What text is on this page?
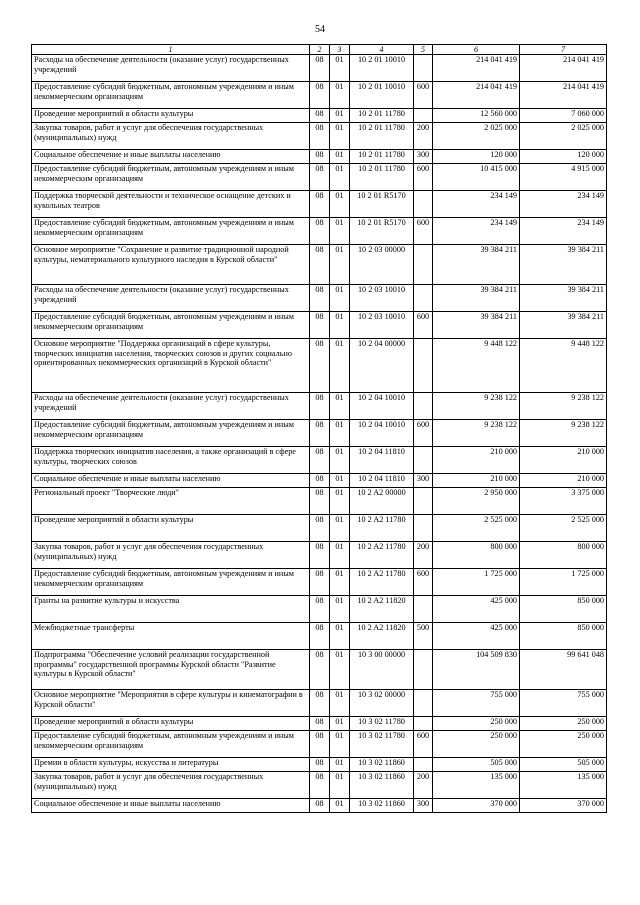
54
1	2	3	4	5	6	7
Расходы на обеспечение деятельности (оказание услуг) государственных учреждений	08	01	10 2 01 10010		214 041 419	214 041 419
Предоставление субсидий бюджетным, автономным учреждениям и иным некоммерческим организациям	08	01	10 2 01 10010	600	214 041 419	214 041 419
Проведение мероприятий в области культуры	08	01	10 2 01 11780		12 560 000	7 060 000
Закупка товаров, работ и услуг для обеспечения государственных (муниципальных) нужд	08	01	10 2 01 11780	200	2 025 000	2 025 000
Социальное обеспечение и иные выплаты населению	08	01	10 2 01 11780	300	120 000	120 000
Предоставление субсидий бюджетным, автономным учреждениям и иным некоммерческим организациям	08	01	10 2 01 11780	600	10 415 000	4 915 000
Поддержка творческой деятельности и техническое оснащение детских и кукольных театров	08	01	10 2 01 R5170		234 149	234 149
Предоставление субсидий бюджетным, автономным учреждениям и иным некоммерческим организациям	08	01	10 2 01 R5170	600	234 149	234 149
Основное мероприятие "Сохранение и развитие традиционной народной культуры, нематериального культурного наследия в Курской области"	08	01	10 2 03 00000		39 384 211	39 384 211
Расходы на обеспечение деятельности (оказание услуг) государственных учреждений	08	01	10 2 03 10010		39 384 211	39 384 211
Предоставление субсидий бюджетным, автономным учреждениям и иным некоммерческим организациям	08	01	10 2 03 10010	600	39 384 211	39 384 211
Основное мероприятие "Поддержка организаций в сфере культуры, творческих инициатив населения, творческих союзов и других социально ориентированных некоммерческих организаций в Курской области"	08	01	10 2 04 00000		9 448 122	9 448 122
Расходы на обеспечение деятельности (оказание услуг) государственных учреждений	08	01	10 2 04 10010		9 238 122	9 238 122
Предоставление субсидий бюджетным, автономным учреждениям и иным некоммерческим организациям	08	01	10 2 04 10010	600	9 238 122	9 238 122
Поддержка творческих инициатив населения, а также организаций в сфере культуры, творческих союзов	08	01	10 2 04 11810		210 000	210 000
Социальное обеспечение и иные выплаты населению	08	01	10 2 04 11810	300	210 000	210 000
Региональный проект "Творческие люди"	08	01	10 2 A2 00000		2 950 000	3 375 000
Проведение мероприятий в области культуры	08	01	10 2 A2 11780		2 525 000	2 525 000
Закупка товаров, работ и услуг для обеспечения государственных (муниципальных) нужд	08	01	10 2 A2 11780	200	800 000	800 000
Предоставление субсидий бюджетным, автономным учреждениям и иным некоммерческим организациям	08	01	10 2 A2 11780	600	1 725 000	1 725 000
Гранты на развитие культуры и искусства	08	01	10 2 A2 11820		425 000	850 000
Межбюджетные трансферты	08	01	10 2 A2 11820	500	425 000	850 000
Подпрограмма "Обеспечение условий реализации государственной программы" государственной программы Курской области "Развитие культуры в Курской области"	08	01	10 3 00 00000		104 509 830	99 641 048
Основное мероприятие "Мероприятия в сфере культуры и кинематографии в Курской области"	08	01	10 3 02 00000		755 000	755 000
Проведение мероприятий в области культуры	08	01	10 3 02 11780		250 000	250 000
Предоставление субсидий бюджетным, автономным учреждениям и иным некоммерческим организациям	08	01	10 3 02 11780	600	250 000	250 000
Премии в области культуры, искусства и литературы	08	01	10 3 02 11860		505 000	505 000
Закупка товаров, работ и услуг для обеспечения государственных (муниципальных) нужд	08	01	10 3 02 11860	200	135 000	135 000
Социальное обеспечение и иные выплаты населению	08	01	10 3 02 11860	300	370 000	370 000
